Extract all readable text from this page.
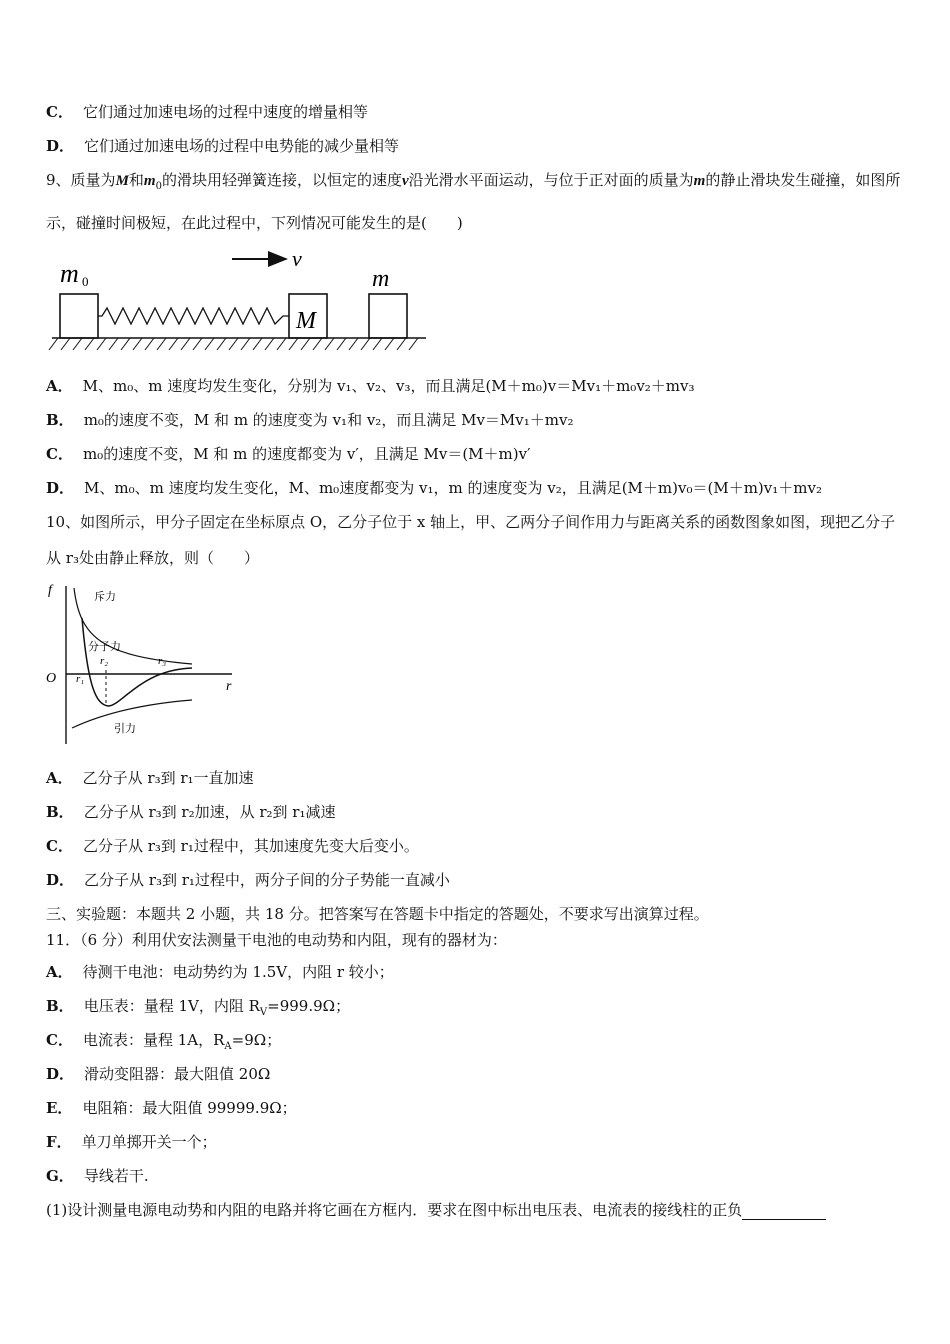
C． 它们通过加速电场的过程中速度的增量相等
D． 它们通过加速电场的过程中电势能的减少量相等
9、质量为M和$m_0$的滑块用轻弹簧连接，以恒定的速度v沿光滑水平面运动，与位于正对面的质量为m的静止滑块发生碰撞，如图所示，碰撞时间极短，在此过程中，下列情况可能发生的是(　　)
m 0
v
m
M
A． M、m₀、m 速度均发生变化，分别为 v₁、v₂、v₃，而且满足(M＋m₀)v＝Mv₁＋m₀v₂＋mv₃
B． m₀的速度不变，M 和 m 的速度变为 v₁和 v₂，而且满足 Mv＝Mv₁＋mv₂
C． m₀的速度不变，M 和 m 的速度都变为 v′，且满足 Mv＝(M＋m)v′
D． M、m₀、m 速度均发生变化，M、m₀速度都变为 v₁，m 的速度变为 v₂，且满足(M＋m)v₀＝(M＋m)v₁＋mv₂
10、如图所示，甲分子固定在坐标原点 O，乙分子位于 x 轴上，甲、乙两分子间作用力与距离关系的函数图象如图，现把乙分子从 r₃处由静止释放，则（　　）
f
O
r
斥力
分子力
引力
r₁
r₂	r₃
A． 乙分子从 r₃到 r₁一直加速
B． 乙分子从 r₃到 r₂加速，从 r₂到 r₁减速
C． 乙分子从 r₃到 r₁过程中，其加速度先变大后变小。
D． 乙分子从 r₃到 r₁过程中，两分子间的分子势能一直减小
三、实验题：本题共 2 小题，共 18 分。把答案写在答题卡中指定的答题处，不要求写出演算过程。
11．（6 分）利用伏安法测量干电池的电动势和内阻，现有的器材为：
A． 待测干电池：电动势约为 1.5V，内阻 r 较小；
B． 电压表：量程 1V，内阻 $R_V=999.9\Omega$；
C． 电流表：量程 1A，$R_A=9\Omega$；
D． 滑动变阻器：最大阻值 20Ω
E． 电阻箱：最大阻值 99999.9Ω；
F． 单刀单掷开关一个；
G． 导线若干.
(1)设计测量电源电动势和内阻的电路并将它画在方框内．要求在图中标出电压表、电流表的接线柱的正负
